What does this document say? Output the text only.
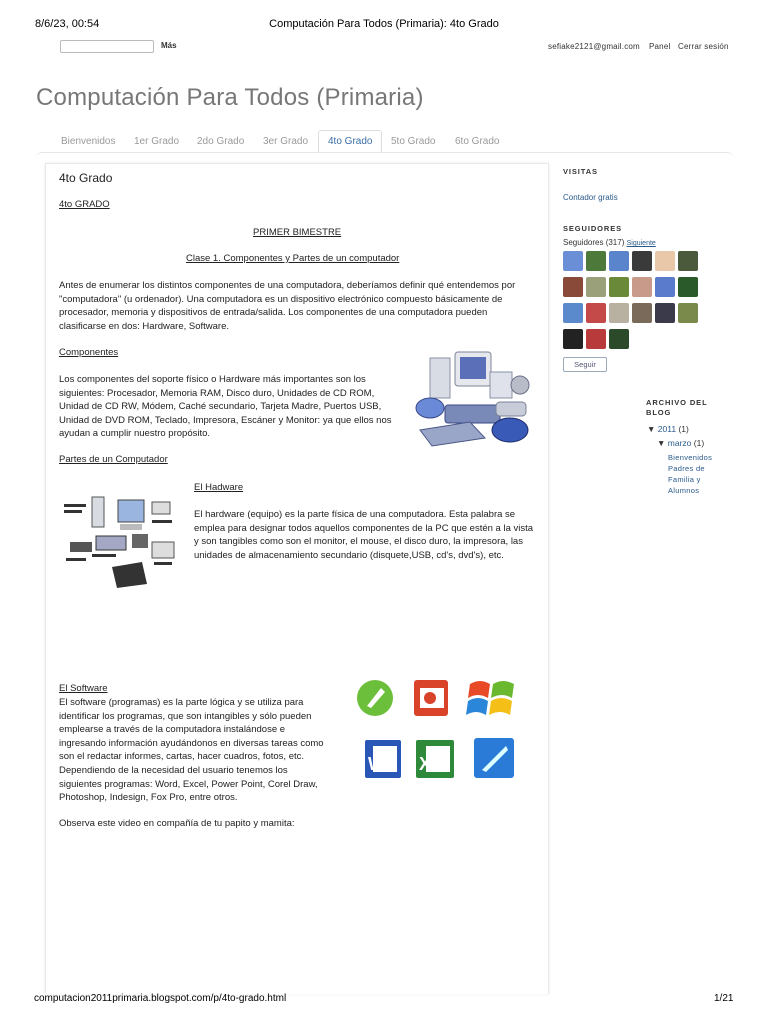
8/6/23, 00:54	Computación Para Todos (Primaria): 4to Grado
Más	sefiake2121@gmail.com Panel Cerrar sesión
Computación Para Todos (Primaria)
Bienvenidos 1er Grado 2do Grado 3er Grado	4to Grado	5to Grado 6to Grado
4to Grado
4to GRADO
PRIMER BIMESTRE
Clase 1. Componentes y Partes de un computador
Antes de enumerar los distintos componentes de una computadora, deberíamos definir qué entendemos por "computadora" (u ordenador). Una computadora es un dispositivo electrónico compuesto básicamente de procesador, memoria y dispositivos de entrada/salida. Los componentes de una computadora pueden clasificarse en dos: Hardware, Software.
Componentes
Los componentes del soporte físico o Hardware más importantes son los siguientes: Procesador, Memoria RAM, Disco duro, Unidades de CD ROM, Unidad de CD RW, Módem, Caché secundario, Tarjeta Madre, Puertos USB, Unidad de DVD ROM, Teclado, Impresora, Escáner y Monitor: ya que ellos nos ayudan a cumplir nuestro propósito.
Partes de un Computador
El Hadware
El hardware (equipo) es la parte física de una computadora. Esta palabra se emplea para designar todos aquellos componentes de la PC que estén a la vista y son tangibles como son el monitor, el mouse, el disco duro, la impresora, las unidades de almacenamiento secundario (disquete,USB, cd's, dvd's), etc.
El Software
El software (programas) es la parte lógica y se utiliza para identificar los programas, que son intangibles y sólo pueden emplearse a través de la computadora instalándose e ingresando información ayudándonos en diversas tareas como son el redactar informes, cartas, hacer cuadros, fotos, etc. Dependiendo de la necesidad del usuario tenemos los siguientes programas: Word, Excel, Power Point, Corel Draw, Photoshop, Indesign, Fox Pro, entre otros.
W X
Observa este video en compañía de tu papito y mamita:
VISITAS
Contador gratis
SEGUIDORES
Seguidores (317) Siguiente
Seguir
ARCHIVO DEL BLOG
▼ 2011 (1)
▼ marzo (1)
Bienvenidos Padres de Familia y Alumnos
computacion2011primaria.blogspot.com/p/4to-grado.html	1/21
